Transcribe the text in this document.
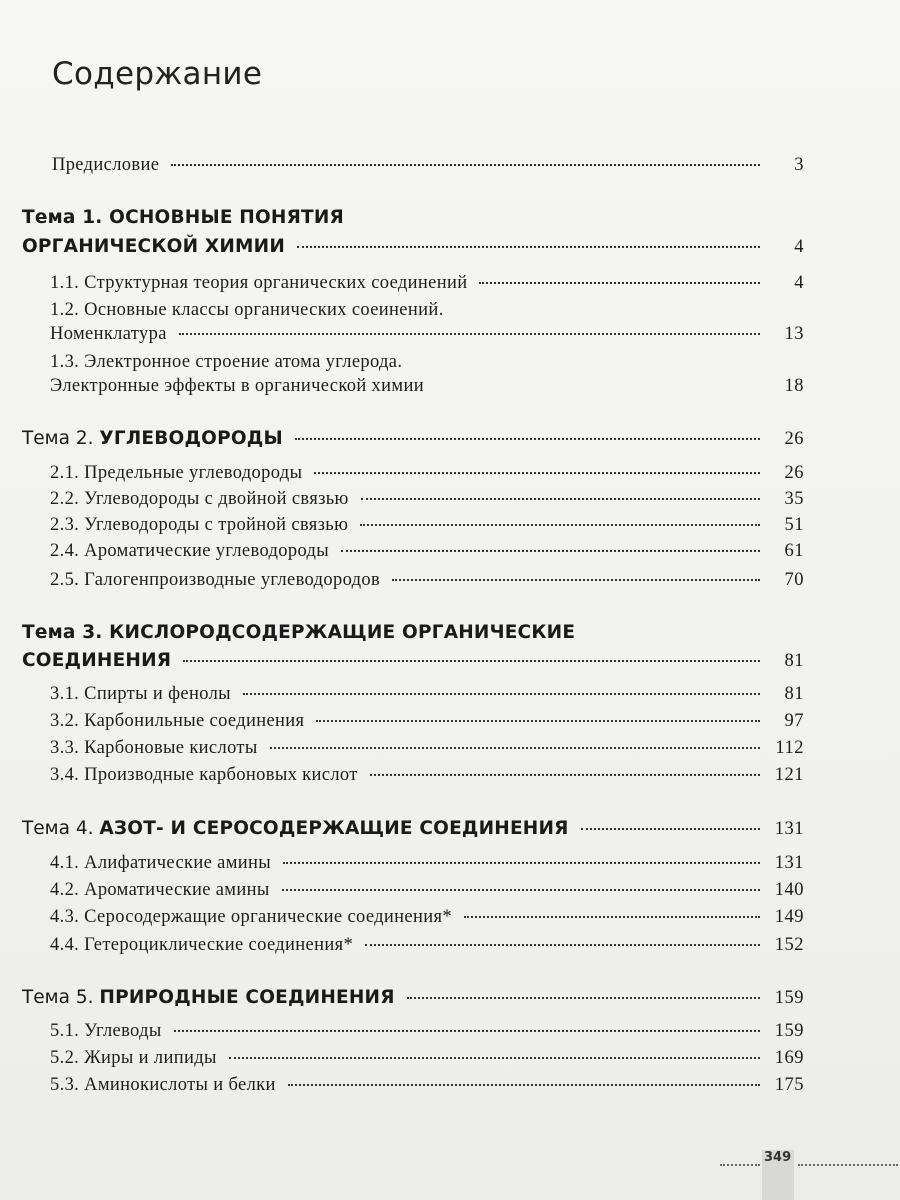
Содержание
Предисловие	3
Тема 1. ОСНОВНЫЕ ПОНЯТИЯ
ОРГАНИЧЕСКОЙ ХИМИИ	4
1.1. Структурная теория органических соединений	4
1.2. Основные классы органических соеинений.
Номенклатура	13
1.3. Электронное строение атома углерода.
Электронные эффекты в органической химии	18
Тема 2.
УГЛЕВОДОРОДЫ	26
2.1. Предельные углеводороды	26
2.2. Углеводороды с двойной связью	35
2.3. Углеводороды с тройной связью	51
2.4. Ароматические углеводороды	61
2.5. Галогенпроизводные углеводородов	70
Тема 3. КИСЛОРОДСОДЕРЖАЩИЕ ОРГАНИЧЕСКИЕ
СОЕДИНЕНИЯ	81
3.1. Спирты и фенолы	81
3.2. Карбонильные соединения	97
3.3. Карбоновые кислоты	112
3.4. Производные карбоновых кислот	121
Тема 4.
АЗОТ- И СЕРОСОДЕРЖАЩИЕ СОЕДИНЕНИЯ	131
4.1. Алифатические амины	131
4.2. Ароматические амины	140
4.3. Серосодержащие органические соединения*	149
4.4. Гетероциклические соединения*	152
Тема 5.
ПРИРОДНЫЕ СОЕДИНЕНИЯ	159
5.1. Углеводы	159
5.2. Жиры и липиды	169
5.3. Аминокислоты и белки	175
349
